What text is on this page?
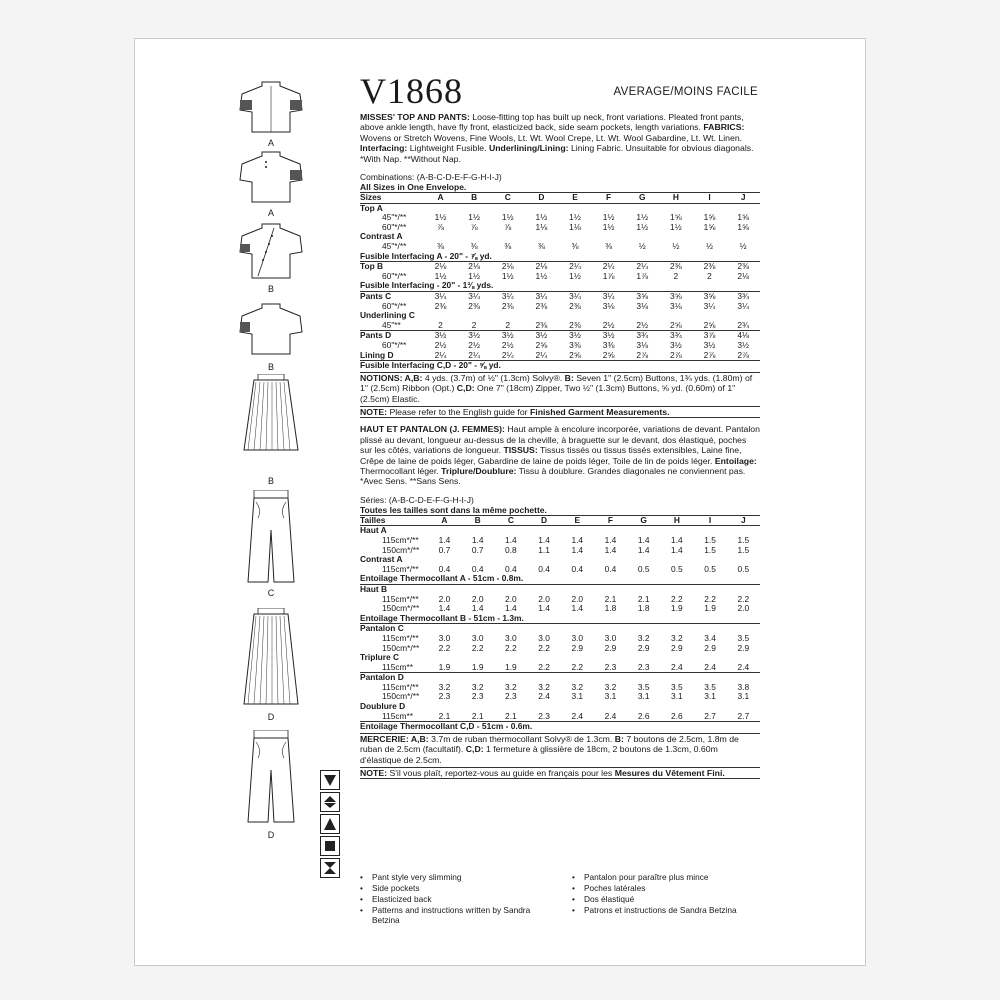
A
A
B
B
B
C
D
D
V1868	AVERAGE/MOINS FACILE
MISSES' TOP AND PANTS: Loose-fitting top has built up neck, front variations. Pleated front pants, above ankle length, have fly front, elasticized back, side seam pockets, length variations. FABRICS: Wovens or Stretch Wovens, Fine Wools, Lt. Wt. Wool Crepe, Lt. Wt. Wool Gabardine, Lt. Wt. Linen. Interfacing: Lightweight Fusible. Underlining/Lining: Lining Fabric. Unsuitable for obvious diagonals.
*With Nap. **Without Nap.
Combinations: (A-B-C-D-E-F-G-H-I-J)
All Sizes in One Envelope.
Sizes	A	B	C	D	E	F	G	H	I	J
Top A										
45"*/**	1½	1½	1½	1½	1½	1½	1½	1⅝	1⅝	1⅝
60"*/**	⅞	⅞	⅞	1⅛	1⅛	1½	1½	1½	1⅝	1⅝
Contrast A										
45"*/**	⅜	⅜	⅜	⅜	⅜	⅜	½	½	½	½
Fusible Interfacing A - 20" - ⅞ yd.										
Top B	2⅛	2⅛	2⅛	2⅛	2¼	2¼	2¼	2⅜	2⅜	2⅜
60"*/**	1½	1½	1½	1½	1½	1⅞	1⅞	2	2	2⅛
Fusible Interfacing - 20" - 1⅜ yds.										
Pants C	3¼	3¼	3¼	3¼	3¼	3¼	3⅝	3⅝	3⅝	3¾
60"*/**	2⅜	2⅜	2⅜	2⅜	2⅜	3⅛	3⅛	3⅛	3¼	3¼
Underlining C										
45"**	2	2	2	2⅜	2⅜	2½	2½	2⅝	2⅝	2¾
Pants D	3½	3½	3½	3½	3½	3½	3¾	3¾	3⅞	4⅛
60"*/**	2½	2½	2½	2⅝	3⅜	3⅜	3⅛	3½	3½	3½
Lining D	2¼	2¼	2¼	2¼	2⅝	2⅝	2⅞	2⅞	2⅞	2⅞
Fusible Interfacing C,D - 20" - ⅝ yd.										
NOTIONS: A,B: 4 yds. (3.7m) of ½" (1.3cm) Solvy®. B: Seven 1" (2.5cm) Buttons, 1¾ yds. (1.80m) of 1" (2.5cm) Ribbon (Opt.) C,D: One 7" (18cm) Zipper, Two ½" (1.3cm) Buttons, ⅝ yd. (0.60m) of 1" (2.5cm) Elastic.
NOTE: Please refer to the English guide for Finished Garment Measurements.
HAUT ET PANTALON (J. FEMMES): Haut ample à encolure incorporée, variations de devant. Pantalon plissé au devant, longueur au-dessus de la cheville, à braguette sur le devant, dos élastiqué, poches sur les côtés, variations de longueur. TISSUS: Tissus tissés ou tissus tissés extensibles, Laine fine, Crêpe de laine de poids léger, Gabardine de laine de poids léger, Toile de lin de poids léger. Entoilage: Thermocollant léger. Triplure/Doublure: Tissu à doublure. Grandes diagonales ne conviennent pas. *Avec Sens. **Sans Sens.
Séries: (A-B-C-D-E-F-G-H-I-J)
Toutes les tailles sont dans la même pochette.
Tailles	A	B	C	D	E	F	G	H	I	J
Haut A										
115cm*/**	1.4	1.4	1.4	1.4	1.4	1.4	1.4	1.4	1.5	1.5
150cm*/**	0.7	0.7	0.8	1.1	1.4	1.4	1.4	1.4	1.5	1.5
Contrast A										
115cm*/**	0.4	0.4	0.4	0.4	0.4	0.4	0.5	0.5	0.5	0.5
Entoilage Thermocollant A - 51cm - 0.8m.										
Haut B										
115cm*/**	2.0	2.0	2.0	2.0	2.0	2.1	2.1	2.2	2.2	2.2
150cm*/**	1.4	1.4	1.4	1.4	1.4	1.8	1.8	1.9	1.9	2.0
Entoilage Thermocollant B - 51cm - 1.3m.										
Pantalon C										
115cm*/**	3.0	3.0	3.0	3.0	3.0	3.0	3.2	3.2	3.4	3.5
150cm*/**	2.2	2.2	2.2	2.2	2.9	2.9	2.9	2.9	2.9	2.9
Triplure C										
115cm**	1.9	1.9	1.9	2.2	2.2	2.3	2.3	2.4	2.4	2.4
Pantalon D										
115cm*/**	3.2	3.2	3.2	3.2	3.2	3.2	3.5	3.5	3.5	3.8
150cm*/**	2.3	2.3	2.3	2.4	3.1	3.1	3.1	3.1	3.1	3.1
Doublure D										
115cm**	2.1	2.1	2.1	2.3	2.4	2.4	2.6	2.6	2.7	2.7
Entoilage Thermocollant C,D - 51cm - 0.6m.										
MERCERIE: A,B: 3.7m de ruban thermocollant Solvy® de 1.3cm. B: 7 boutons de 2.5cm, 1.8m de ruban de 2.5cm (facultatif). C,D: 1 fermeture à glissière de 18cm, 2 boutons de 1.3cm, 0.60m d'élastique de 2.5cm.
NOTE: S'il vous plaît, reportez-vous au guide en français pour les Mesures du Vêtement Fini.
• Pant style very slimming
• Side pockets
• Elasticized back
• Patterns and instructions written by Sandra Betzina
• Pantalon pour paraître plus mince
• Poches latérales
• Dos élastiqué
• Patrons et instructions de Sandra Betzina
